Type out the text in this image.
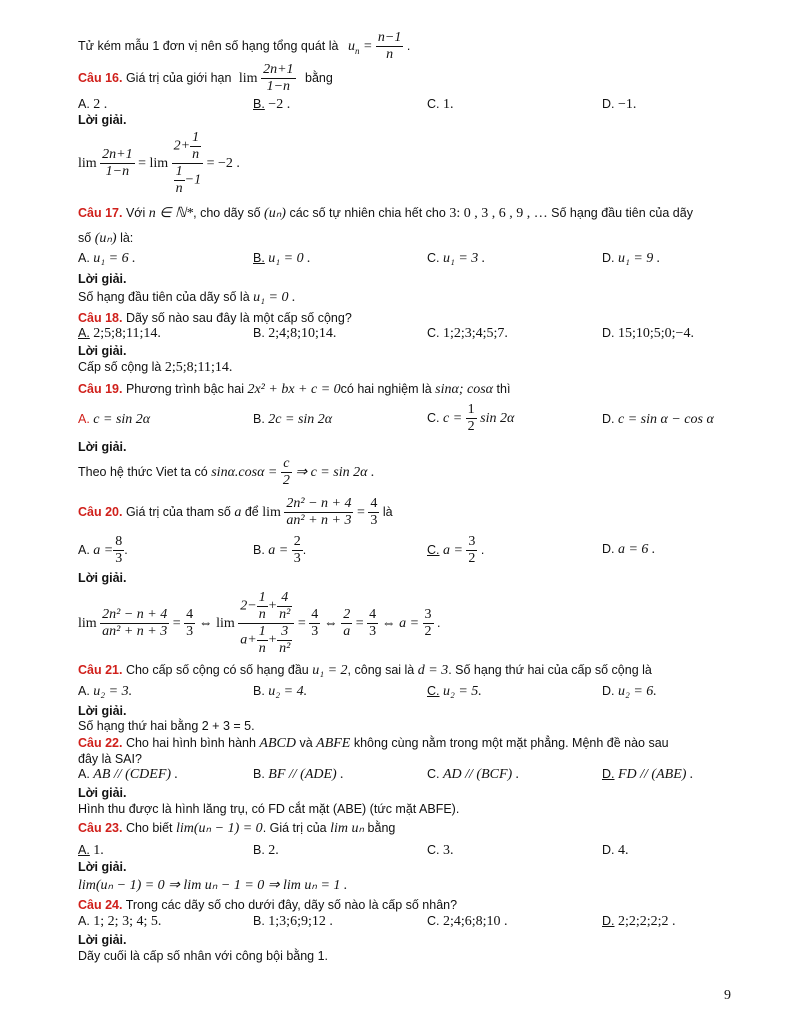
Tử kém mẫu 1 đơn vị nên số hạng tổng quát là $u_n = \frac{n-1}{n}$ .
Câu 16. Giá trị của giới hạn $\lim \frac{2n+1}{1-n}$ bằng
A. 2 .	B. −2 .	C. 1.	D. −1.
Lời giải.
$\lim \frac{2n+1}{1-n} = \lim \frac{2+ \frac{1}{n}}{\frac{1}{n} -1} = -2$ .
Câu 17. Với n ∈ ℕ*, cho dãy số (uₙ) các số tự nhiên chia hết cho 3: 0 , 3 , 6 , 9 , … Số hạng đầu tiên của dãy
số (uₙ) là:
A. u₁ = 6 .	B. u₁ = 0 .	C. u₁ = 3 .	D. u₁ = 9 .
Lời giải.
Số hạng đầu tiên của dãy số là u₁ = 0 .
Câu 18. Dãy số nào sau đây là một cấp số cộng?
A. 2;5;8;11;14.	B. 2;4;8;10;14.	C. 1;2;3;4;5;7.	D. 15;10;5;0;−4.
Lời giải.
Cấp số cộng là 2;5;8;11;14.
Câu 19. Phương trình bậc hai 2x² + bx + c = 0có hai nghiệm là sinα; cosα thì
A. c = sin 2α	B. 2c = sin 2α	C. $c = \frac{1}{2}$ sin 2α	D. c = sin α − cos α
Lời giải.
Theo hệ thức Viet ta có $\sin\alpha.\cos\alpha = \frac{c}{2}$ ⇒ c = sin 2α .
Câu 20. Giá trị của tham số a để $\lim \frac{\text{2n² − n + 4}}{\text{an² + n + 3}} = \frac{4}{3}$ là
A. $a = \frac{8}{3}$ .	B. $a = \frac{2}{3}$ .	C. $a = \frac{3}{2}$ .	D. a = 6 .
Lời giải.
$\lim \frac{\text{2n² − n + 4}}{\text{an² + n + 3}} = \frac{4}{3}$ ⇔ $\lim \frac{2- \frac{1}{n} + \frac{4}{\text{n²}}}{a+ \frac{1}{n} + \frac{3}{\text{n²}}} = \frac{4}{3}$ ⇔ $\frac{2}{a} = \frac{4}{3}$ ⇔ $a = \frac{3}{2}$ .
Câu 21. Cho cấp số cộng có số hạng đầu u₁ = 2, công sai là d = 3. Số hạng thứ hai của cấp số cộng là
A. u₂ = 3.	B. u₂ = 4.	C. u₂ = 5.	D. u₂ = 6.
Lời giải.
Số hạng thứ hai bằng 2 + 3 = 5.
Câu 22. Cho hai hình bình hành ABCD và ABFE không cùng nằm trong một mặt phẳng. Mệnh đề nào sau
đây là SAI?
A. AB // (CDEF) .	B. BF // (ADE) .	C. AD // (BCF) .	D. FD // (ABE) .
Lời giải.
Hình thu được là hình lăng trụ, có FD cắt mặt (ABE) (tức mặt ABFE).
Câu 23. Cho biết lim(uₙ − 1) = 0. Giá trị của lim uₙ bằng
A. 1.	B. 2.	C. 3.	D. 4.
Lời giải.
lim(uₙ − 1) = 0 ⇒ lim uₙ − 1 = 0 ⇒ lim uₙ = 1 .
Câu 24. Trong các dãy số cho dưới đây, dãy số nào là cấp số nhân?
A. 1; 2; 3; 4; 5.	B. 1;3;6;9;12 .	C. 2;4;6;8;10 .	D. 2;2;2;2;2 .
Lời giải.
Dãy cuối là cấp số nhân với công bội bằng 1.
9
